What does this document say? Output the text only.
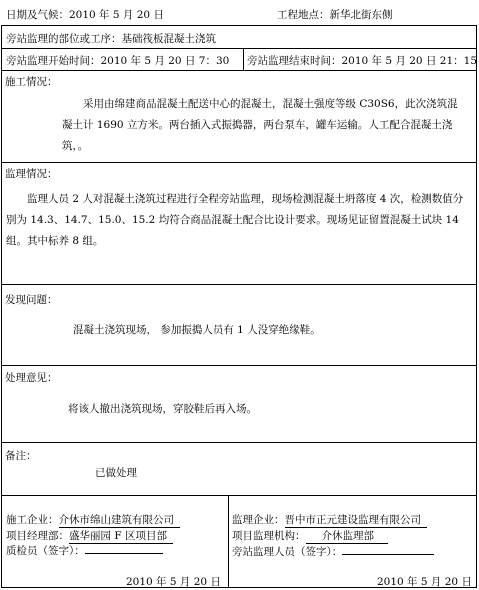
日期及气候：2010 年 5 月 20 日	工程地点：新华北街东侧
旁站监理的部位或工序：基础筏板混凝土浇筑
旁站监理开始时间：2010 年 5 月 20 日 7：30 旁站监理结束时间：2010 年 5 月 20 日 21：15
施工情况：
采用由绵建商品混凝土配送中心的混凝土，混凝土强度等级 C30S6，此次浇筑混凝土计 1690 立方米。两台插入式振搗器，两台泵车，罐车运输。人工配合混凝土浇筑，。
监理情况：
监理人员 2 人对混凝土浇筑过程进行全程旁站监理，现场检测混凝土坍落度 4 次，检测数值分别为 14.3、14.7、15.0、15.2 均符合商品混凝土配合比设计要求。现场见证留置混凝土试块 14 组。其中标养 8 组。
发现问题：
混凝土浇筑现场， 参加振搗人员有 1 人没穿绝缘鞋。
处理意见：
将该人撤出浇筑现场，穿胶鞋后再入场。
备注：
已做处理
施工企业：介休市绵山建筑有限公司
项目经理部：盛华丽园 F 区项目部
质检员（签字）：
2010 年 5 月 20 日
监理企业：晋中市正元建设监理有限公司
项目监理机构： 介休监理部
旁站监理人员（签字）：
2010 年 5 月 20 日
